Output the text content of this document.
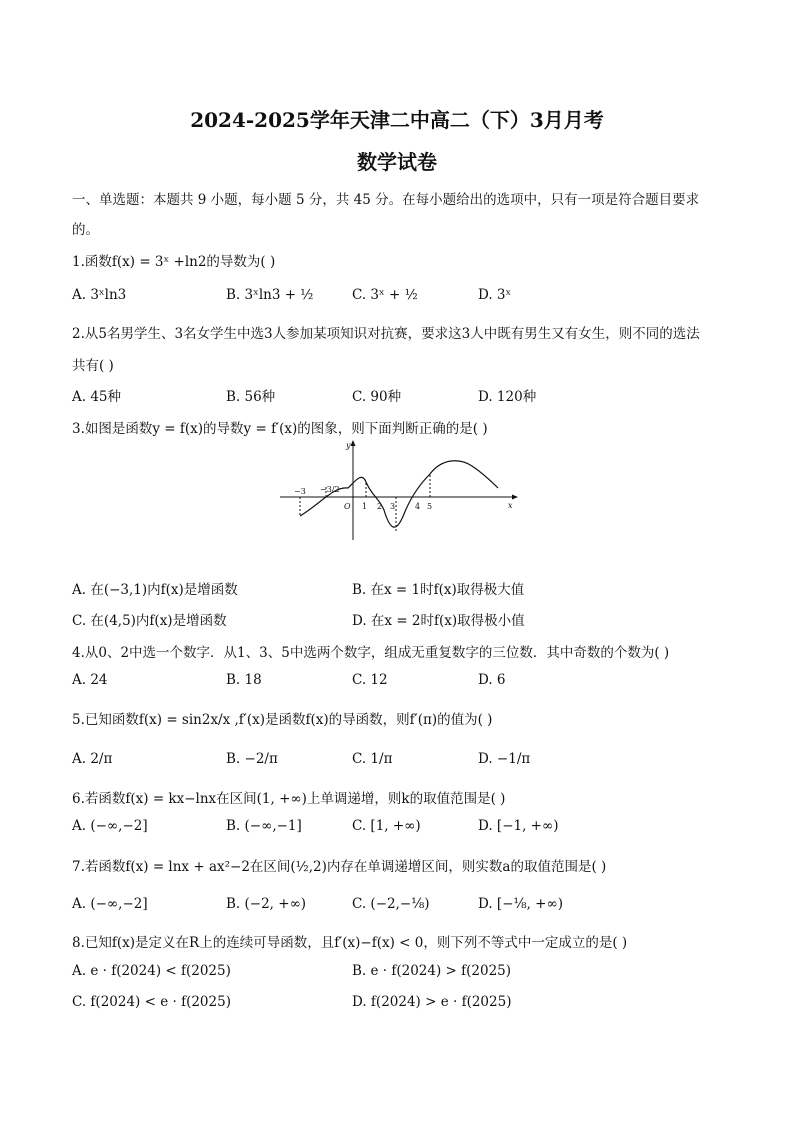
2024-2025学年天津二中高二（下）3月月考
数学试卷
一、单选题：本题共 9 小题，每小题 5 分，共 45 分。在每小题给出的选项中，只有一项是符合题目要求
的。
1.函数f(x) = 3ˣ +ln2的导数为( )
A. 3ˣln3	B. 3ˣln3 + ½	C. 3ˣ + ½	D. 3ˣ
2.从5名男学生、3名女学生中选3人参加某项知识对抗赛，要求这3人中既有男生又有女生，则不同的选法
共有( )
A. 45种	B. 56种	C. 90种	D. 120种
3.如图是函数y = f(x)的导数y = f′(x)的图象，则下面判断正确的是( )
x
y
O
−3 −3/2
1 2 3 4 5
A. 在(−3,1)内f(x)是增函数	B. 在x = 1时f(x)取得极大值
C. 在(4,5)内f(x)是增函数	D. 在x = 2时f(x)取得极小值
4.从0、2中选一个数字．从1、3、5中选两个数字，组成无重复数字的三位数．其中奇数的个数为( )
A. 24	B. 18	C. 12	D. 6
5.已知函数f(x) = sin2x/x ,f′(x)是函数f(x)的导函数，则f′(π)的值为( )
A. 2/π	B. −2/π	C. 1/π	D. −1/π
6.若函数f(x) = kx−lnx在区间(1, +∞)上单调递增，则k的取值范围是( )
A. (−∞,−2]	B. (−∞,−1]	C. [1, +∞)	D. [−1, +∞)
7.若函数f(x) = lnx + ax²−2在区间(½,2)内存在单调递增区间，则实数a的取值范围是( )
A. (−∞,−2]	B. (−2, +∞)	C. (−2,−⅛)	D. [−⅛, +∞)
8.已知f(x)是定义在R上的连续可导函数，且f′(x)−f(x) < 0，则下列不等式中一定成立的是( )
A. e · f(2024) < f(2025)	B. e · f(2024) > f(2025)
C. f(2024) < e · f(2025)	D. f(2024) > e · f(2025)
